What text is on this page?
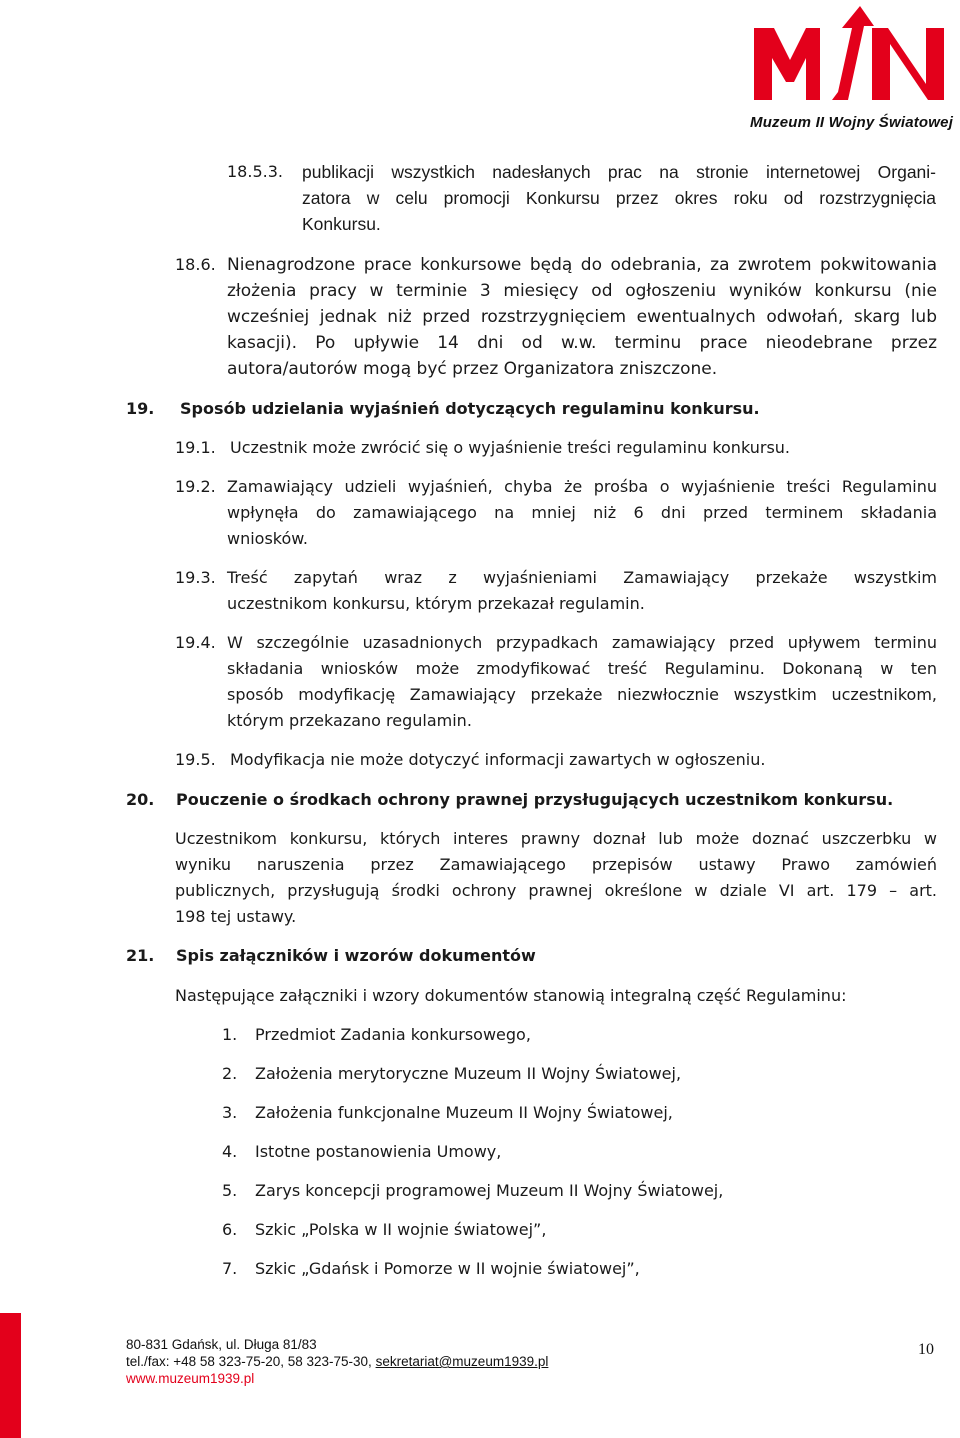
Muzeum II Wojny Światowej
18.5.3. publikacji wszystkich nadesłanych prac na stronie internetowej Organi-
zatora w celu promocji Konkursu przez okres roku od rozstrzygnięcia
Konkursu.
18.6. Nienagrodzone prace konkursowe będą do odebrania, za zwrotem pokwitowania
złożenia pracy w terminie 3 miesięcy od ogłoszeniu wyników konkursu (nie
wcześniej jednak niż przed rozstrzygnięciem ewentualnych odwołań, skarg lub
kasacji). Po upływie 14 dni od w.w. terminu prace nieodebrane przez
autora/autorów mogą być przez Organizatora zniszczone.
19. Sposób udzielania wyjaśnień dotyczących regulaminu konkursu.
19.1. Uczestnik może zwrócić się o wyjaśnienie treści regulaminu konkursu.
19.2. Zamawiający udzieli wyjaśnień, chyba że prośba o wyjaśnienie treści Regulaminu
wpłynęła do zamawiającego na mniej niż 6 dni przed terminem składania
wniosków.
19.3. Treść zapytań wraz z wyjaśnieniami Zamawiający przekaże wszystkim
uczestnikom konkursu, którym przekazał regulamin.
19.4. W szczególnie uzasadnionych przypadkach zamawiający przed upływem terminu
składania wniosków może zmodyfikować treść Regulaminu. Dokonaną w ten
sposób modyfikację Zamawiający przekaże niezwłocznie wszystkim uczestnikom,
którym przekazano regulamin.
19.5. Modyfikacja nie może dotyczyć informacji zawartych w ogłoszeniu.
20. Pouczenie o środkach ochrony prawnej przysługujących uczestnikom konkursu.
Uczestnikom konkursu, których interes prawny doznał lub może doznać uszczerbku w
wyniku naruszenia przez Zamawiającego przepisów ustawy Prawo zamówień
publicznych, przysługują środki ochrony prawnej określone w dziale VI art. 179 – art.
198 tej ustawy.
21. Spis załączników i wzorów dokumentów
Następujące załączniki i wzory dokumentów stanowią integralną część Regulaminu:
1. Przedmiot Zadania konkursowego,
2. Założenia merytoryczne Muzeum II Wojny Światowej,
3. Założenia funkcjonalne Muzeum II Wojny Światowej,
4. Istotne postanowienia Umowy,
5. Zarys koncepcji programowej Muzeum II Wojny Światowej,
6. Szkic „Polska w II wojnie światowej”,
7. Szkic „Gdańsk i Pomorze w II wojnie światowej”,
80-831 Gdańsk, ul. Długa 81/83
tel./fax: +48 58 323-75-20, 58 323-75-30, sekretariat@muzeum1939.pl
www.muzeum1939.pl
10
